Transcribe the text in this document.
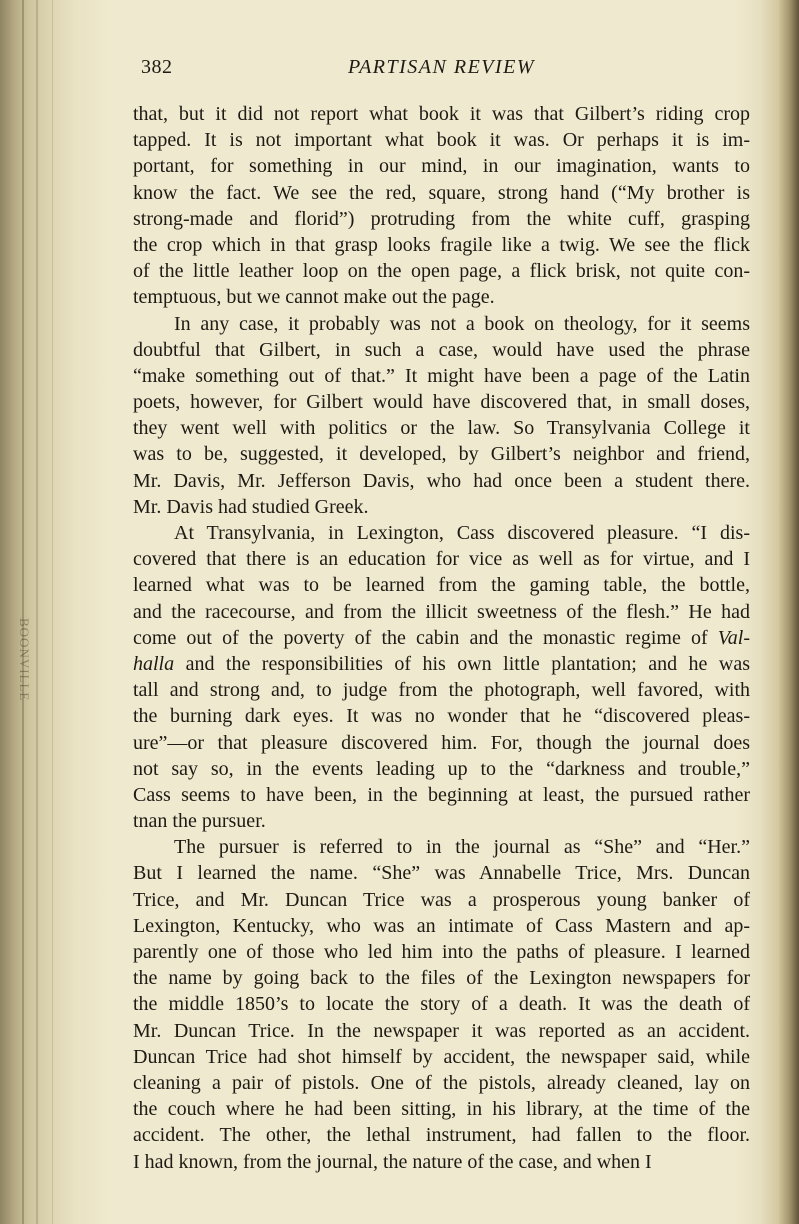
BOONVILLE
382	PARTISAN REVIEW
that, but it did not report what book it was that Gilbert’s riding crop
tapped. It is not important what book it was. Or perhaps it is im-
portant, for something in our mind, in our imagination, wants to
know the fact. We see the red, square, strong hand (“My brother is
strong-made and florid”) protruding from the white cuff, grasping
the crop which in that grasp looks fragile like a twig. We see the flick
of the little leather loop on the open page, a flick brisk, not quite con-
temptuous, but we cannot make out the page.
In any case, it probably was not a book on theology, for it seems
doubtful that Gilbert, in such a case, would have used the phrase
“make something out of that.” It might have been a page of the Latin
poets, however, for Gilbert would have discovered that, in small doses,
they went well with politics or the law. So Transylvania College it
was to be, suggested, it developed, by Gilbert’s neighbor and friend,
Mr. Davis, Mr. Jefferson Davis, who had once been a student there.
Mr. Davis had studied Greek.
At Transylvania, in Lexington, Cass discovered pleasure. “I dis-
covered that there is an education for vice as well as for virtue, and I
learned what was to be learned from the gaming table, the bottle,
and the racecourse, and from the illicit sweetness of the flesh.” He had
come out of the poverty of the cabin and the monastic regime of Val-
halla and the responsibilities of his own little plantation; and he was
tall and strong and, to judge from the photograph, well favored, with
the burning dark eyes. It was no wonder that he “discovered pleas-
ure”—or that pleasure discovered him. For, though the journal does
not say so, in the events leading up to the “darkness and trouble,”
Cass seems to have been, in the beginning at least, the pursued rather
tnan the pursuer.
The pursuer is referred to in the journal as “She” and “Her.”
But I learned the name. “She” was Annabelle Trice, Mrs. Duncan
Trice, and Mr. Duncan Trice was a prosperous young banker of
Lexington, Kentucky, who was an intimate of Cass Mastern and ap-
parently one of those who led him into the paths of pleasure. I learned
the name by going back to the files of the Lexington newspapers for
the middle 1850’s to locate the story of a death. It was the death of
Mr. Duncan Trice. In the newspaper it was reported as an accident.
Duncan Trice had shot himself by accident, the newspaper said, while
cleaning a pair of pistols. One of the pistols, already cleaned, lay on
the couch where he had been sitting, in his library, at the time of the
accident. The other, the lethal instrument, had fallen to the floor.
I had known, from the journal, the nature of the case, and when I
